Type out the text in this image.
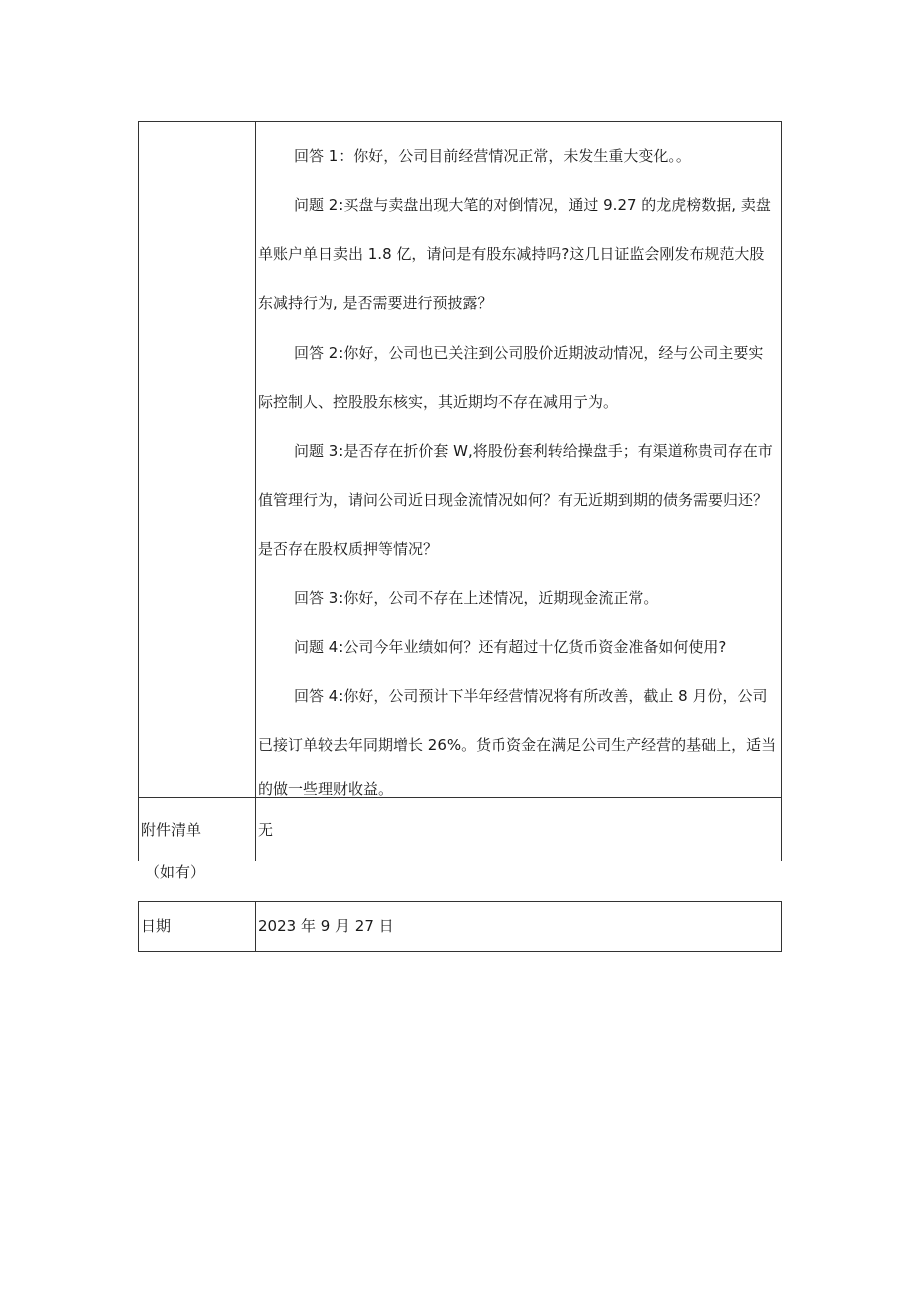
回答 1：你好，公司目前经营情况正常，未发生重大变化。。
问题 2:买盘与卖盘出现大笔的对倒情况，通过 9.27 的龙虎榜数据, 卖盘
单账户单日卖出 1.8 亿，请问是有股东减持吗?这几日证监会刚发布规范大股
东减持行为, 是否需要进行预披露？
回答 2:你好，公司也已关注到公司股价近期波动情况，经与公司主要实
际控制人、控股股东核实，其近期均不存在减用亍为。
问题 3:是否存在折价套 W,将股份套利转给操盘手；有渠道称贵司存在市
值管理行为，请问公司近日现金流情况如何？有无近期到期的债务需要归还？
是否存在股权质押等情况？
回答 3:你好，公司不存在上述情况，近期现金流正常。
问题 4:公司今年业绩如何？还有超过十亿货币资金准备如何使用?
回答 4:你好，公司预计下半年经营情况将有所改善，截止 8 月份，公司
已接订单较去年同期增长 26%。货币资金在满足公司生产经营的基础上，适当
的做一些理财收益。
附件清单
（如有）
无
日期	2023 年 9 月 27 日
